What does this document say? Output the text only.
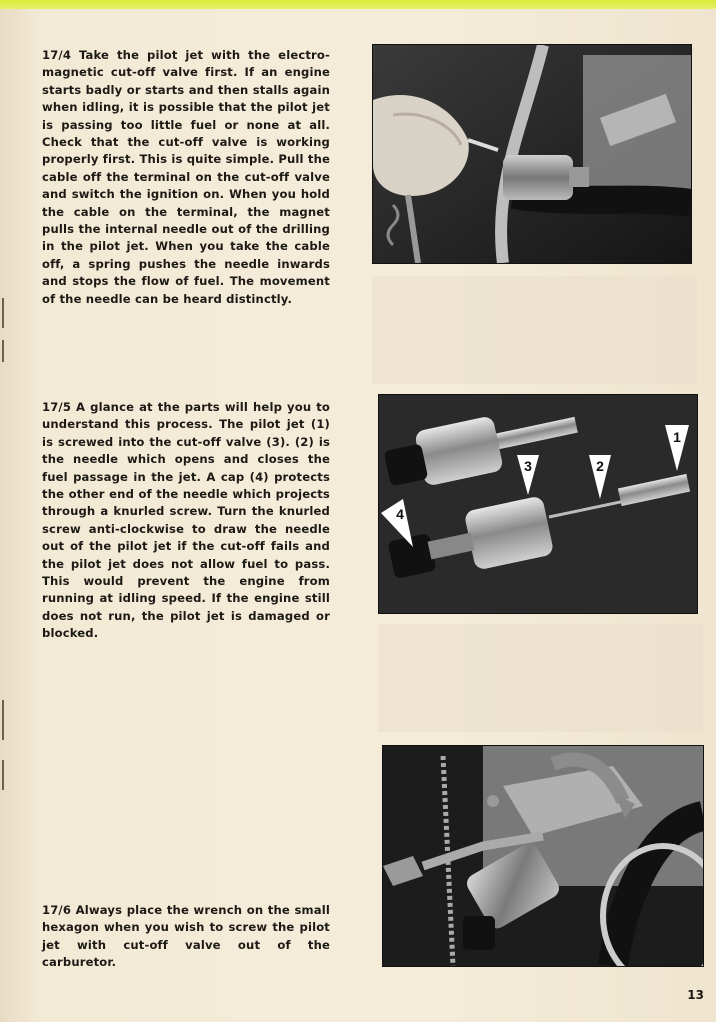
17/4 Take the pilot jet with the electro-magnetic cut-off valve first. If an engine starts badly or starts and then stalls again when idling, it is possible that the pilot jet is passing too little fuel or none at all. Check that the cut-off valve is working properly first. This is quite simple. Pull the cable off the terminal on the cut-off valve and switch the ignition on. When you hold the cable on the terminal, the magnet pulls the internal needle out of the drilling in the pilot jet. When you take the cable off, a spring pushes the needle inwards and stops the flow of fuel. The movement of the needle can be heard distinctly.
17/5 A glance at the parts will help you to understand this process. The pilot jet (1) is screwed into the cut-off valve (3). (2) is the needle which opens and closes the fuel passage in the jet. A cap (4) protects the other end of the needle which projects through a knurled screw. Turn the knurled screw anti-clockwise to draw the needle out of the pilot jet if the cut-off fails and the pilot jet does not allow fuel to pass. This would prevent the engine from running at idling speed. If the engine still does not run, the pilot jet is damaged or blocked.
3	2
1
4
17/6 Always place the wrench on the small hexagon when you wish to screw the pilot jet with cut-off valve out of the carburetor.
13
